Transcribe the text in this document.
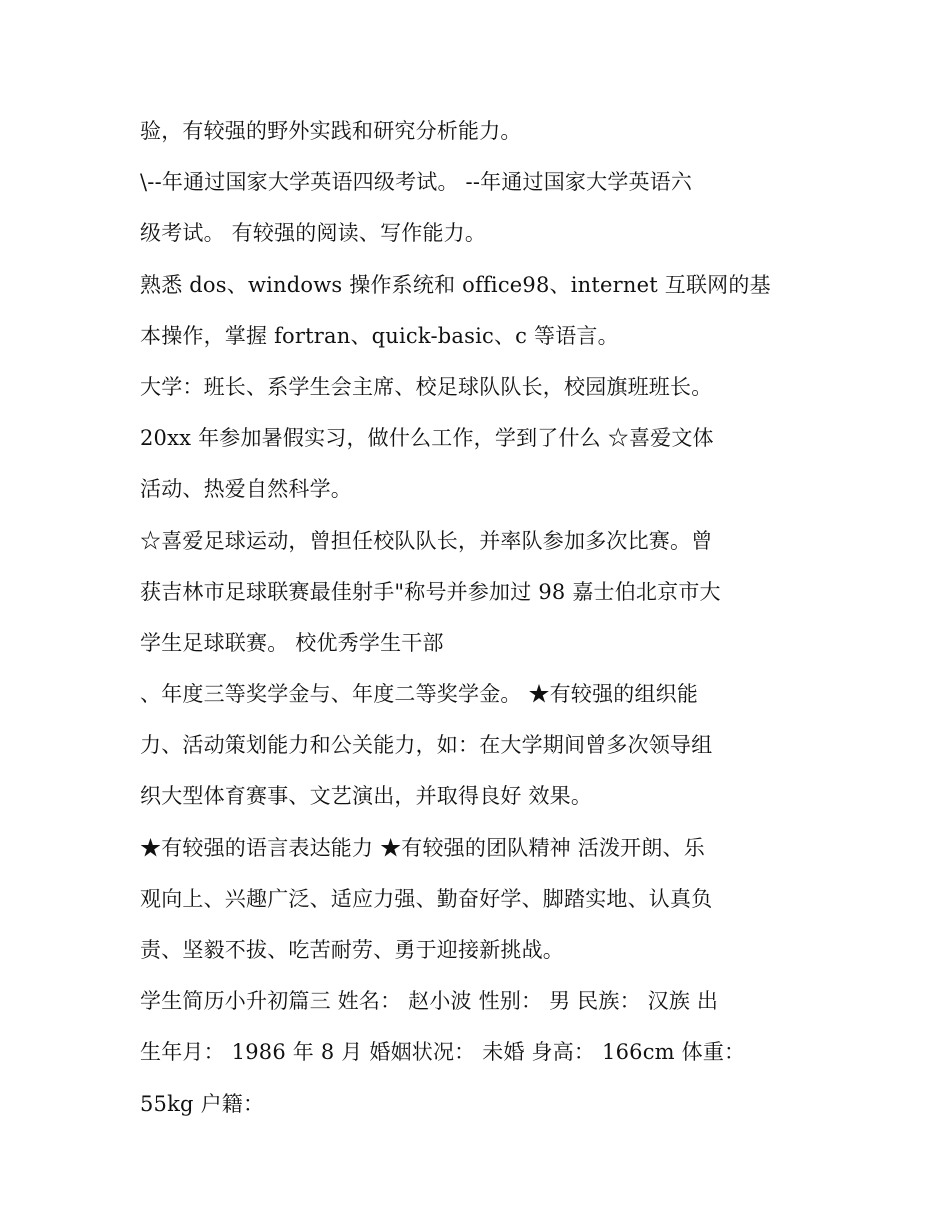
验，有较强的野外实践和研究分析能力。
\--年通过国家大学英语四级考试。 --年通过国家大学英语六
级考试。 有较强的阅读、写作能力。
熟悉 dos、windows 操作系统和 office98、internet 互联网的基
本操作，掌握 fortran、quick-basic、c 等语言。
大学：班长、系学生会主席、校足球队队长，校园旗班班长。
20xx 年参加暑假实习，做什么工作，学到了什么 ☆喜爱文体
活动、热爱自然科学。
☆喜爱足球运动，曾担任校队队长，并率队参加多次比赛。曾
获吉林市足球联赛最佳射手"称号并参加过 98 嘉士伯北京市大
学生足球联赛。 校优秀学生干部
、年度三等奖学金与、年度二等奖学金。 ★有较强的组织能
力、活动策划能力和公关能力，如：在大学期间曾多次领导组
织大型体育赛事、文艺演出，并取得良好 效果。
★有较强的语言表达能力 ★有较强的团队精神 活泼开朗、乐
观向上、兴趣广泛、适应力强、勤奋好学、脚踏实地、认真负
责、坚毅不拔、吃苦耐劳、勇于迎接新挑战。
学生简历小升初篇三 姓名： 赵小波 性别： 男 民族： 汉族 出
生年月： 1986 年 8 月 婚姻状况： 未婚 身高： 166cm 体重：
55kg 户籍：
